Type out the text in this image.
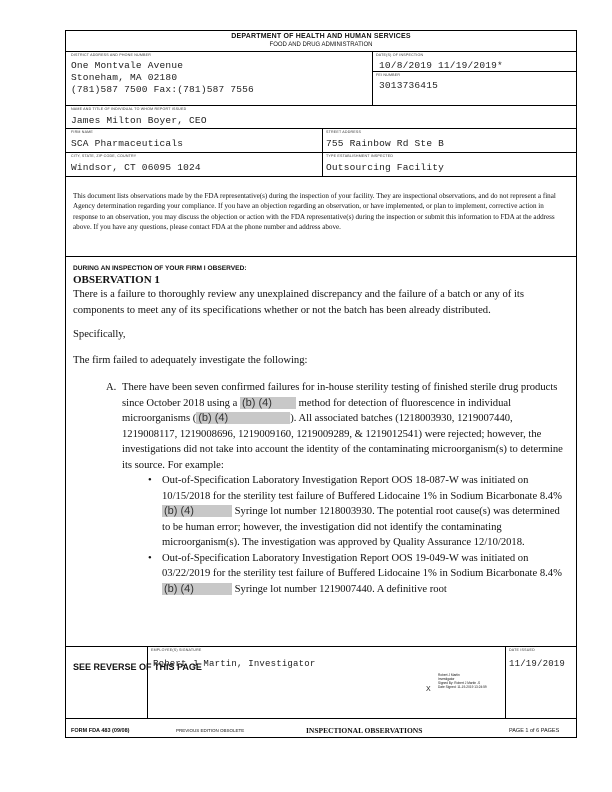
DEPARTMENT OF HEALTH AND HUMAN SERVICES
FOOD AND DRUG ADMINISTRATION
DISTRICT ADDRESS AND PHONE NUMBER
One Montvale Avenue
Stoneham, MA 02180
(781)587 7500 Fax:(781)587 7556
DATE(S) OF INSPECTION
10/8/2019 11/19/2019*
FEI NUMBER
3013736415
NAME AND TITLE OF INDIVIDUAL TO WHOM REPORT ISSUED
James Milton Boyer, CEO
FIRM NAME
SCA Pharmaceuticals
STREET ADDRESS
755 Rainbow Rd Ste B
CITY, STATE, ZIP CODE, COUNTRY
Windsor, CT 06095 1024
TYPE ESTABLISHMENT INSPECTED
Outsourcing Facility
This document lists observations made by the FDA representative(s) during the inspection of your facility. They are inspectional observations, and do not represent a final Agency determination regarding your compliance. If you have an objection regarding an observation, or have implemented, or plan to implement, corrective action in response to an observation, you may discuss the objection or action with the FDA representative(s) during the inspection or submit this information to FDA at the address above. If you have any questions, please contact FDA at the phone number and address above.
DURING AN INSPECTION OF YOUR FIRM I OBSERVED:
OBSERVATION 1
There is a failure to thoroughly review any unexplained discrepancy and the failure of a batch or any of its components to meet any of its specifications whether or not the batch has been already distributed.
Specifically,
The firm failed to adequately investigate the following:
A. There have been seven confirmed failures for in-house sterility testing of finished sterile drug products since October 2018 using a (b) (4)	method for detection of fluorescence in individual microorganisms ( (b) (4)	). All associated batches (1218003930, 1219007440, 1219008117, 1219008696, 1219009160, 1219009289, & 1219012541) were rejected; however, the investigations did not take into account the identity of the contaminating microorganism(s) to determine its source. For example:
• Out-of-Specification Laboratory Investigation Report OOS 18-087-W was initiated on 10/15/2018 for the sterility test failure of Buffered Lidocaine 1% in Sodium Bicarbonate 8.4% (b) (4)	Syringe lot number 1218003930. The potential root cause(s) was determined to be human error; however, the investigation did not identify the contaminating microorganism(s). The investigation was approved by Quality Assurance 12/10/2018.
• Out-of-Specification Laboratory Investigation Report OOS 19-049-W was initiated on 03/22/2019 for the sterility test failure of Buffered Lidocaine 1% in Sodium Bicarbonate 8.4% (b) (4)	Syringe lot number 1219007440. A definitive root
SEE REVERSE OF THIS PAGE
EMPLOYEE(S) SIGNATURE
Robert J Martin, Investigator
X
Robert J Martin
Investigator
Signed By: Robert J Martin -S
Date Signed: 11-19-2019 13:24:59
DATE ISSUED
11/19/2019
FORM FDA 483 (09/08)	PREVIOUS EDITION OBSOLETE	INSPECTIONAL OBSERVATIONS	PAGE 1 of 6 PAGES
